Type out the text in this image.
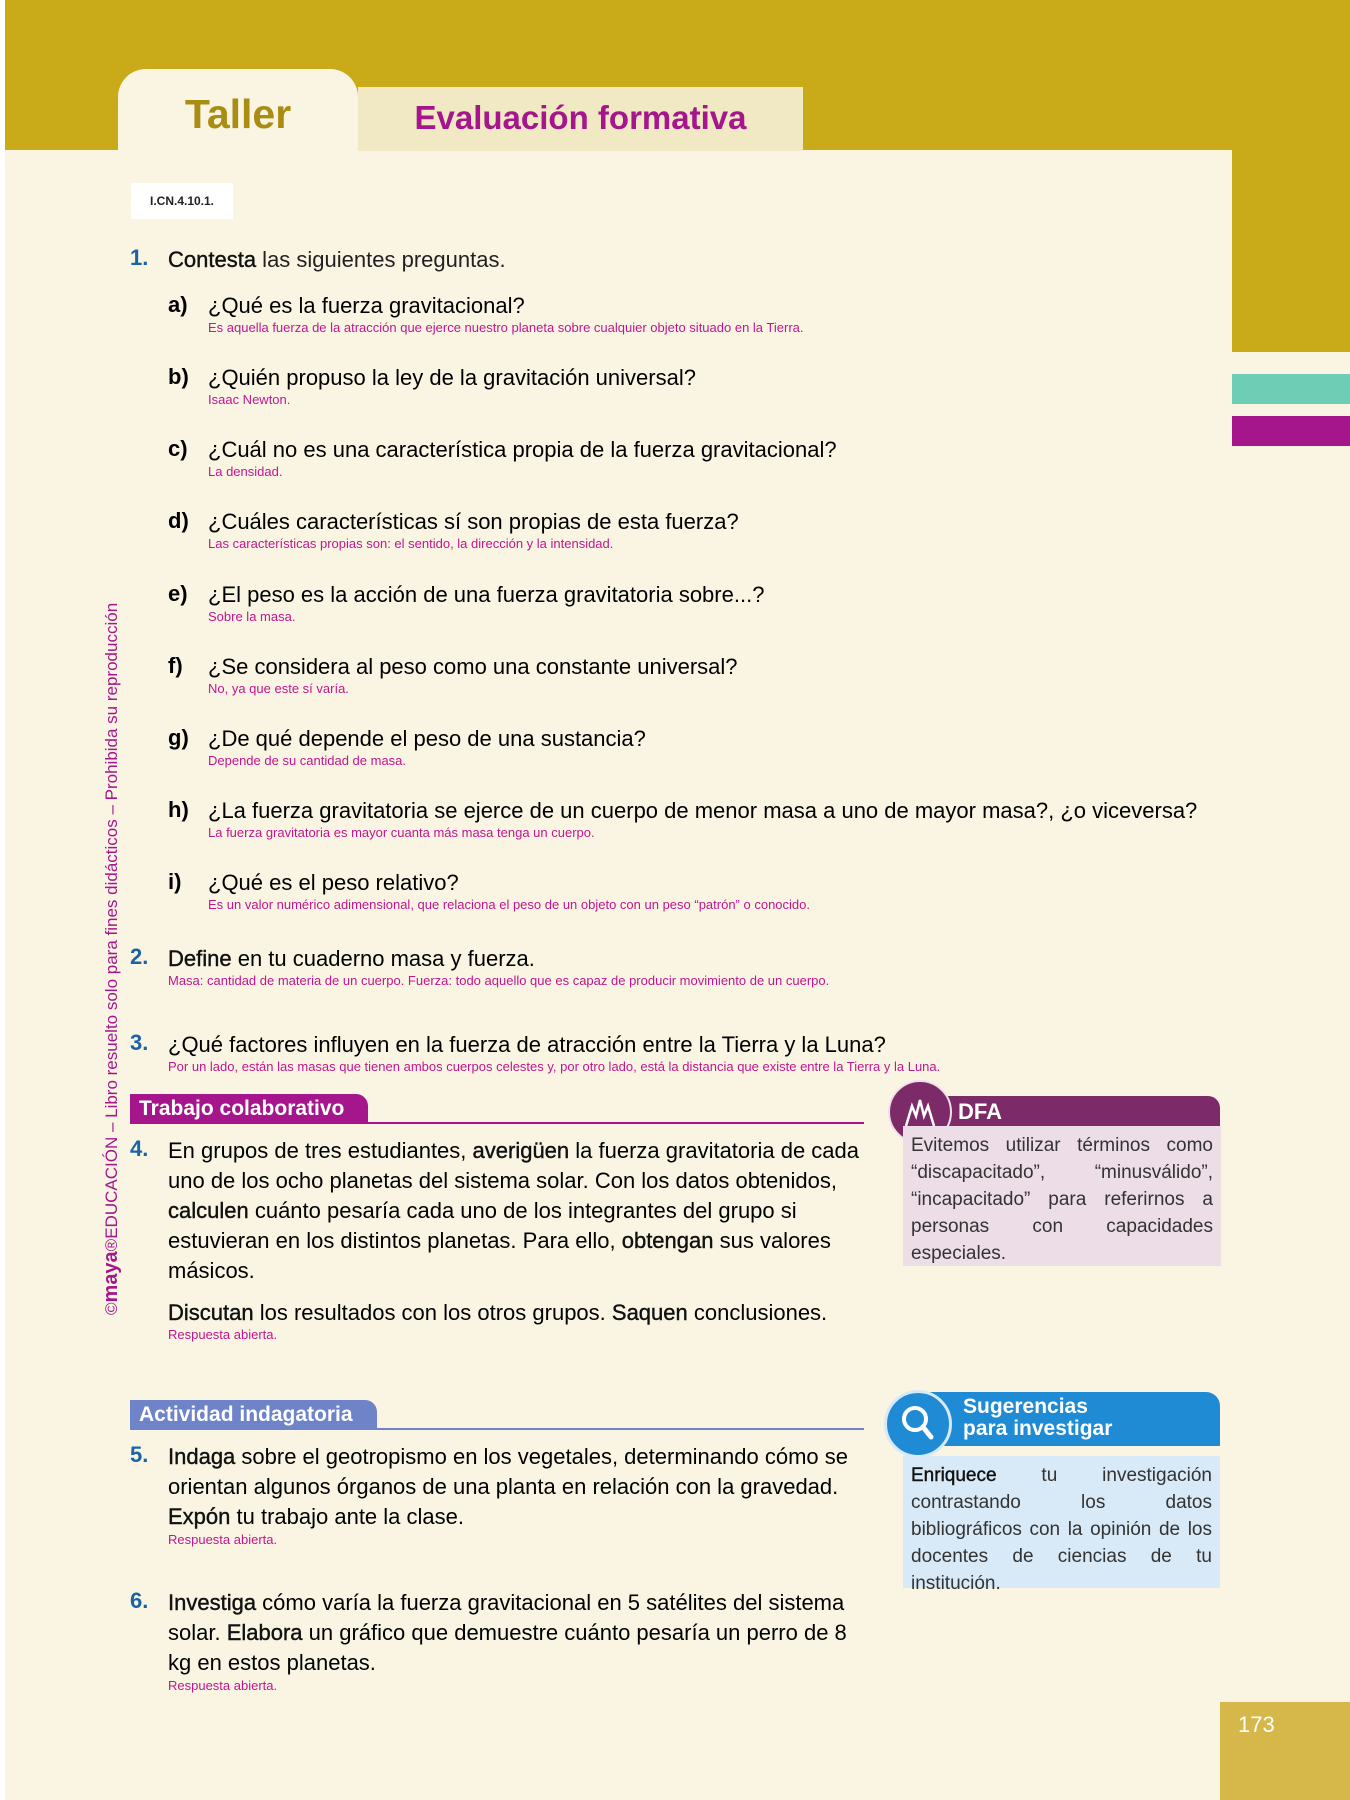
Taller	Evaluación formativa
I.CN.4.10.1.
©maya®EDUCACIÓN – Libro resuelto solo para fines didácticos – Prohibida su reproducción
1. Contesta las siguientes preguntas.
a) ¿Qué es la fuerza gravitacional?
Es aquella fuerza de la atracción que ejerce nuestro planeta sobre cualquier objeto situado en la Tierra.
b) ¿Quién propuso la ley de la gravitación universal?
Isaac Newton.
c) ¿Cuál no es una característica propia de la fuerza gravitacional?
La densidad.
d) ¿Cuáles características sí son propias de esta fuerza?
Las características propias son: el sentido, la dirección y la intensidad.
e) ¿El peso es la acción de una fuerza gravitatoria sobre...?
Sobre la masa.
f) ¿Se considera al peso como una constante universal?
No, ya que este sí varía.
g) ¿De qué depende el peso de una sustancia?
Depende de su cantidad de masa.
h) ¿La fuerza gravitatoria se ejerce de un cuerpo de menor masa a uno de mayor masa?, ¿o viceversa?
La fuerza gravitatoria es mayor cuanta más masa tenga un cuerpo.
i) ¿Qué es el peso relativo?
Es un valor numérico adimensional, que relaciona el peso de un objeto con un peso “patrón” o conocido.
2. Define en tu cuaderno masa y fuerza.
Masa: cantidad de materia de un cuerpo. Fuerza: todo aquello que es capaz de producir movimiento de un cuerpo.
3. ¿Qué factores influyen en la fuerza de atracción entre la Tierra y la Luna?
Por un lado, están las masas que tienen ambos cuerpos celestes y, por otro lado, está la distancia que existe entre la Tierra y la Luna.
Trabajo colaborativo
4. En grupos de tres estudiantes, averigüen la fuerza gravitatoria de cada uno de los ocho planetas del sistema solar. Con los datos obtenidos, calculen cuánto pesaría cada uno de los integrantes del grupo si estuvieran en los distintos planetas. Para ello, obtengan sus valores másicos.
Discutan los resultados con los otros grupos. Saquen conclusiones.
Respuesta abierta.
DFA
Evitemos utilizar términos como “discapacitado”, “minusválido”, “incapacitado” para referirnos a personas con capacidades especiales.
Actividad indagatoria
5. Indaga sobre el geotropismo en los vegetales, determinando cómo se orientan algunos órganos de una planta en relación con la gravedad. Expón tu trabajo ante la clase.
Respuesta abierta.
6. Investiga cómo varía la fuerza gravitacional en 5 satélites del sistema solar. Elabora un gráfico que demuestre cuánto pesaría un perro de 8 kg en estos planetas.
Respuesta abierta.
Sugerencias
para investigar
Enriquece tu investigación contrastando los datos bibliográficos con la opinión de los docentes de ciencias de tu institución.
173
